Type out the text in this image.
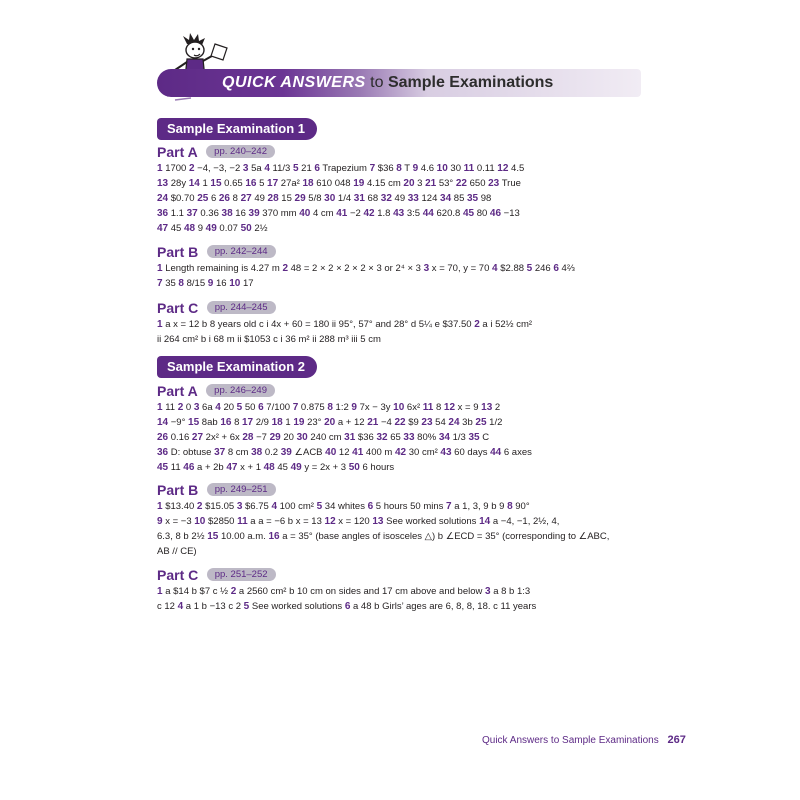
QUICK ANSWERS to Sample Examinations
Sample Examination 1
Part A pp. 240–242
1 1700 2 −4, −3, −2 3 5a 4 11/3 5 21 6 Trapezium 7 $36 8 T 9 4.6 10 30 11 0.11 12 4.5
13 28y 14 1 15 0.65 16 5 17 27a² 18 610 048 19 4.15 cm 20 3 21 53° 22 650 23 True
24 $0.70 25 6 26 8 27 49 28 15 29 5/8 30 1/4 31 68 32 49 33 124 34 85 35 98
36 1.1 37 0.36 38 16 39 370 mm 40 4 cm 41 −2 42 1.8 43 3:5 44 620.8 45 80 46 −13
47 45 48 9 49 0.07 50 2½
Part B pp. 242–244
1 Length remaining is 4.27 m 2 48 = 2 × 2 × 2 × 2 × 3 or 2⁴ × 3 3 x = 70, y = 70 4 $2.88 5 246 6 4⅔
7 35 8 8/15 9 16 10 17
Part C pp. 244–245
1 a x = 12 b 8 years old c i 4x + 60 = 180 ii 95°, 57° and 28° d 5¼ e $37.50 2 a i 52½ cm²
ii 264 cm² b i 68 m ii $1053 c i 36 m² ii 288 m³ iii 5 cm
Sample Examination 2
Part A pp. 246–249
1 11 2 0 3 6a 4 20 5 50 6 7/100 7 0.875 8 1:2 9 7x − 3y 10 6x² 11 8 12 x = 9 13 2
14 −9° 15 8ab 16 8 17 2/9 18 1 19 23° 20 a + 12 21 −4 22 $9 23 54 24 3b 25 1/2
26 0.16 27 2x² + 6x 28 −7 29 20 30 240 cm 31 $36 32 65 33 80% 34 1/3 35 C
36 D: obtuse 37 8 cm 38 0.2 39 ∠ACB 40 12 41 400 m 42 30 cm² 43 60 days 44 6 axes
45 11 46 a + 2b 47 x + 1 48 45 49 y = 2x + 3 50 6 hours
Part B pp. 249–251
1 $13.40 2 $15.05 3 $6.75 4 100 cm² 5 34 whites 6 5 hours 50 mins 7 a 1, 3, 9 b 9 8 90°
9 x = −3 10 $2850 11 a a = −6 b x = 13 12 x = 120 13 See worked solutions 14 a −4, −1, 2½, 4,
6.3, 8 b 2½ 15 10.00 a.m. 16 a = 35° (base angles of isosceles △) b ∠ECD = 35° (corresponding to ∠ABC,
AB // CE)
Part C pp. 251–252
1 a $14 b $7 c ½ 2 a 2560 cm² b 10 cm on sides and 17 cm above and below 3 a 8 b 1:3
c 12 4 a 1 b −13 c 2 5 See worked solutions 6 a 48 b Girls’ ages are 6, 8, 8, 18. c 11 years
Quick Answers to Sample Examinations 267
